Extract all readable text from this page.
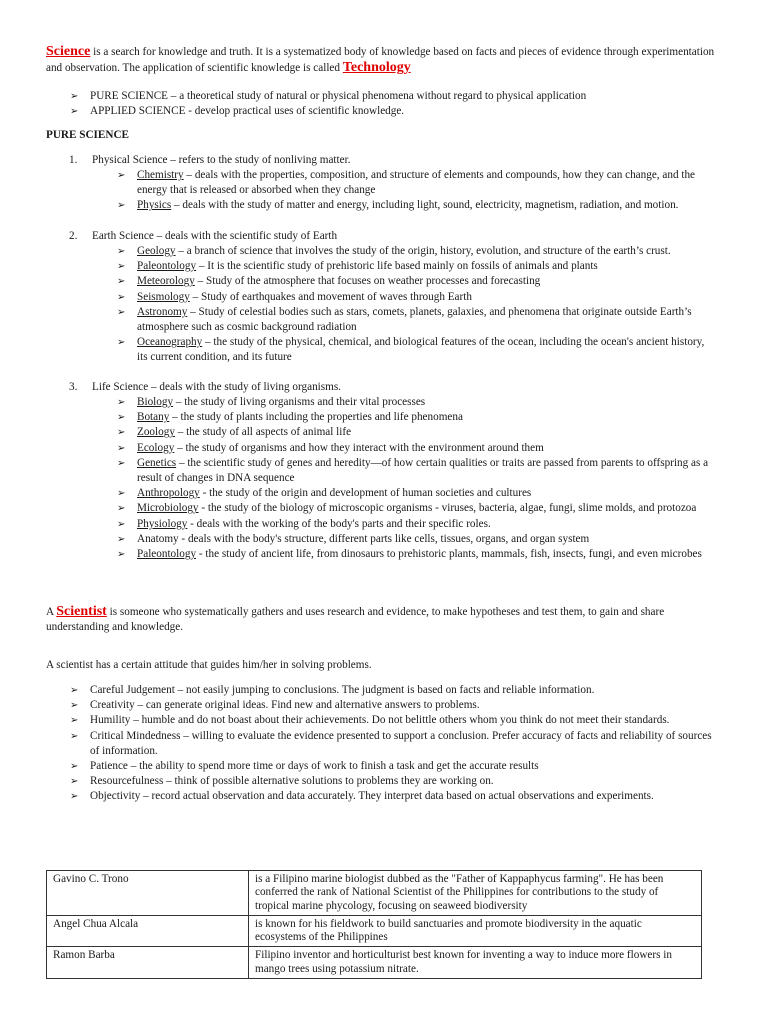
Science is a search for knowledge and truth. It is a systematized body of knowledge based on facts and pieces of evidence through experimentation and observation. The application of scientific knowledge is called Technology

➢ PURE SCIENCE – a theoretical study of natural or physical phenomena without regard to physical application
➢ APPLIED SCIENCE - develop practical uses of scientific knowledge.
PURE SCIENCE
1.	Physical Science – refers to the study of nonliving matter.
➢ Chemistry – deals with the properties, composition, and structure of elements and compounds, how they can change, and the energy that is released or absorbed when they change
➢ Physics – deals with the study of matter and energy, including light, sound, electricity, magnetism, radiation, and motion.
2.	Earth Science – deals with the scientific study of Earth
➢ Geology – a branch of science that involves the study of the origin, history, evolution, and structure of the earth’s crust.
➢ Paleontology – It is the scientific study of prehistoric life based mainly on fossils of animals and plants
➢ Meteorology – Study of the atmosphere that focuses on weather processes and forecasting
➢ Seismology – Study of earthquakes and movement of waves through Earth
➢ Astronomy – Study of celestial bodies such as stars, comets, planets, galaxies, and phenomena that originate outside Earth’s atmosphere such as cosmic background radiation
➢ Oceanography – the study of the physical, chemical, and biological features of the ocean, including the ocean's ancient history, its current condition, and its future
3.	Life Science – deals with the study of living organisms.
➢ Biology – the study of living organisms and their vital processes
➢ Botany – the study of plants including the properties and life phenomena
➢ Zoology – the study of all aspects of animal life
➢ Ecology – the study of organisms and how they interact with the environment around them
➢ Genetics – the scientific study of genes and heredity—of how certain qualities or traits are passed from parents to offspring as a result of changes in DNA sequence
➢ Anthropology - the study of the origin and development of human societies and cultures
➢ Microbiology - the study of the biology of microscopic organisms - viruses, bacteria, algae, fungi, slime molds, and protozoa
➢ Physiology - deals with the working of the body's parts and their specific roles.
➢ Anatomy - deals with the body's structure, different parts like cells, tissues, organs, and organ system
➢ Paleontology - the study of ancient life, from dinosaurs to prehistoric plants, mammals, fish, insects, fungi, and even microbes

A Scientist is someone who systematically gathers and uses research and evidence, to make hypotheses and test them, to gain and share understanding and knowledge.

A scientist has a certain attitude that guides him/her in solving problems.
➢ Careful Judgement – not easily jumping to conclusions. The judgment is based on facts and reliable information.
➢ Creativity – can generate original ideas. Find new and alternative answers to problems.
➢ Humility – humble and do not boast about their achievements. Do not belittle others whom you think do not meet their standards.
➢ Critical Mindedness – willing to evaluate the evidence presented to support a conclusion. Prefer accuracy of facts and reliability of sources of information.
➢ Patience – the ability to spend more time or days of work to finish a task and get the accurate results
➢ Resourcefulness – think of possible alternative solutions to problems they are working on.
➢ Objectivity – record actual observation and data accurately. They interpret data based on actual observations and experiments.
Gavino C. Trono	is a Filipino marine biologist dubbed as the "Father of Kappaphycus farming". He has been conferred the rank of National Scientist of the Philippines for contributions to the study of tropical marine phycology, focusing on seaweed biodiversity
Angel Chua Alcala	is known for his fieldwork to build sanctuaries and promote biodiversity in the aquatic ecosystems of the Philippines
Ramon Barba	Filipino inventor and horticulturist best known for inventing a way to induce more flowers in mango trees using potassium nitrate.
